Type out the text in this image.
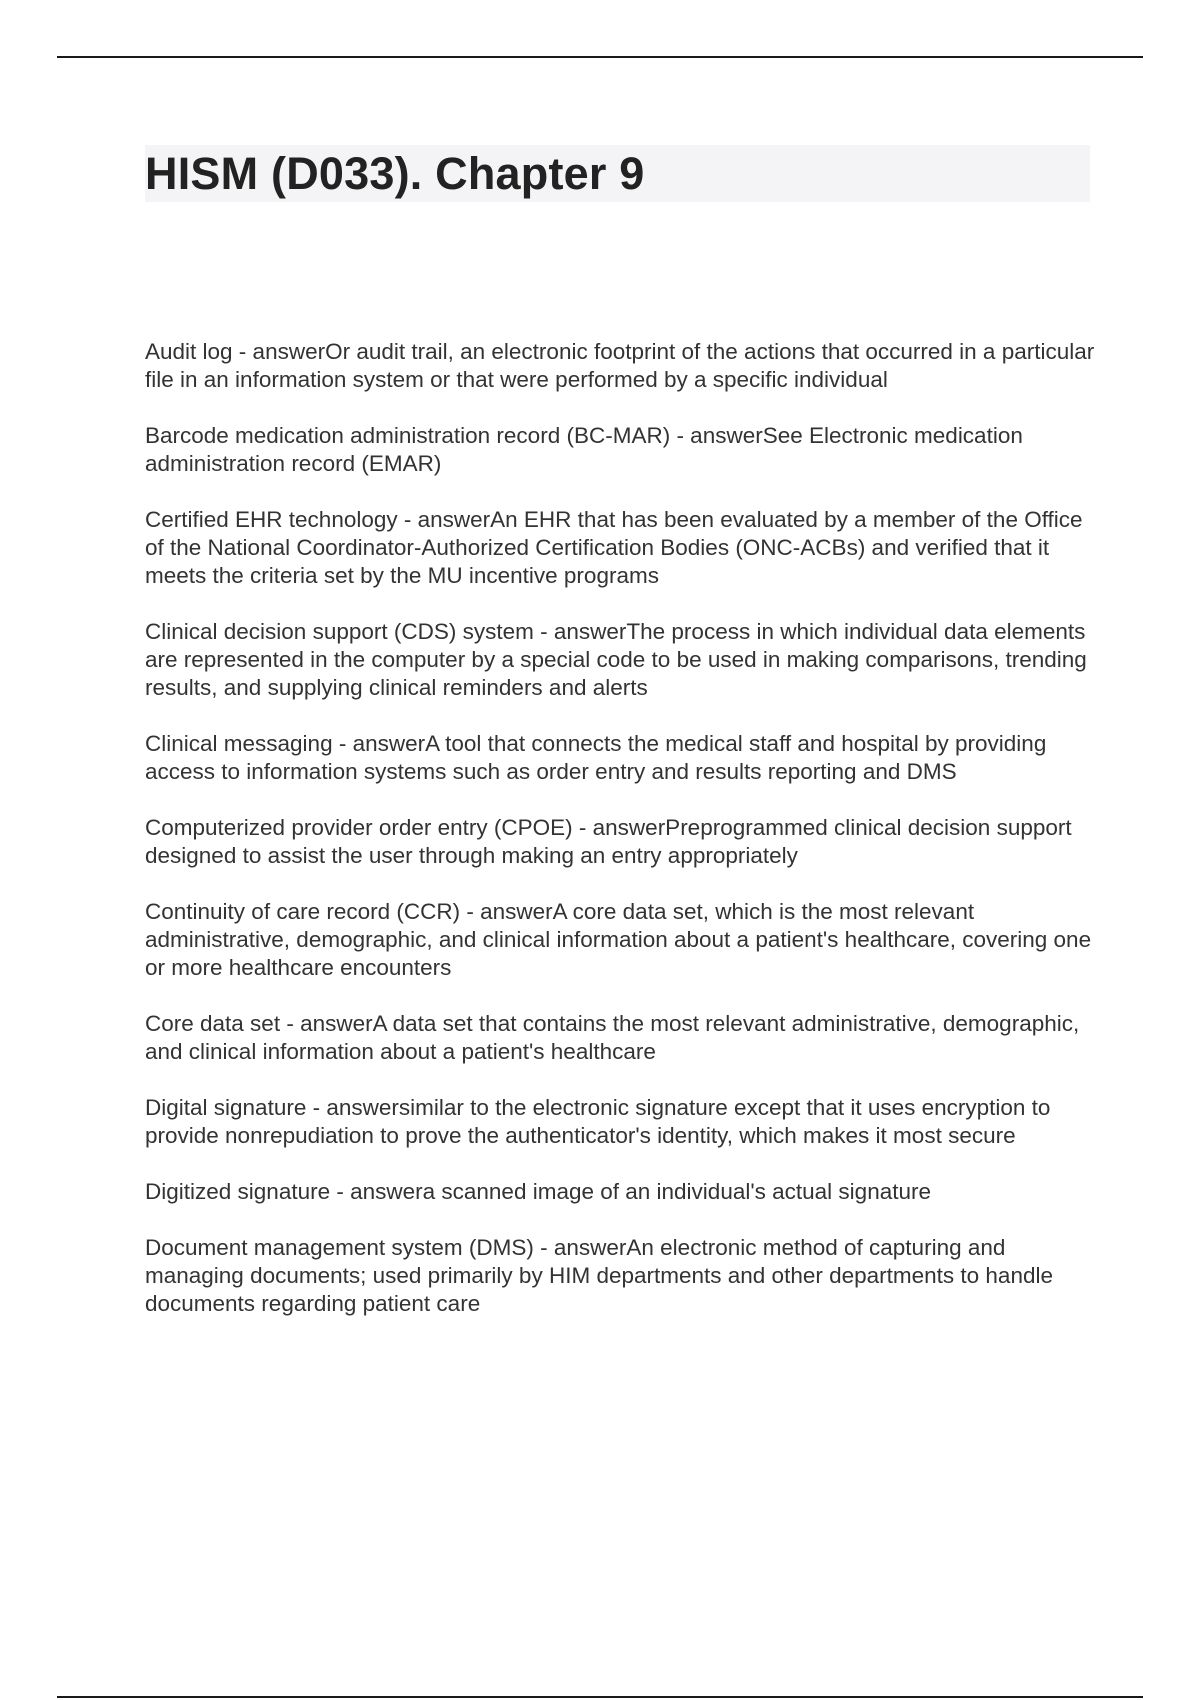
HISM (D033). Chapter 9

Audit log - answerOr audit trail, an electronic footprint of the actions that occurred in a particular file in an information system or that were performed by a specific individual

Barcode medication administration record (BC-MAR) - answerSee Electronic medication administration record (EMAR)

Certified EHR technology - answerAn EHR that has been evaluated by a member of the Office of the National Coordinator-Authorized Certification Bodies (ONC-ACBs) and verified that it meets the criteria set by the MU incentive programs

Clinical decision support (CDS) system - answerThe process in which individual data elements are represented in the computer by a special code to be used in making comparisons, trending results, and supplying clinical reminders and alerts

Clinical messaging - answerA tool that connects the medical staff and hospital by providing access to information systems such as order entry and results reporting and DMS

Computerized provider order entry (CPOE) - answerPreprogrammed clinical decision support designed to assist the user through making an entry appropriately

Continuity of care record (CCR) - answerA core data set, which is the most relevant administrative, demographic, and clinical information about a patient's healthcare, covering one or more healthcare encounters

Core data set - answerA data set that contains the most relevant administrative, demographic, and clinical information about a patient's healthcare

Digital signature - answersimilar to the electronic signature except that it uses encryption to provide nonrepudiation to prove the authenticator's identity, which makes it most secure

Digitized signature - answera scanned image of an individual's actual signature

Document management system (DMS) - answerAn electronic method of capturing and managing documents; used primarily by HIM departments and other departments to handle documents regarding patient care
